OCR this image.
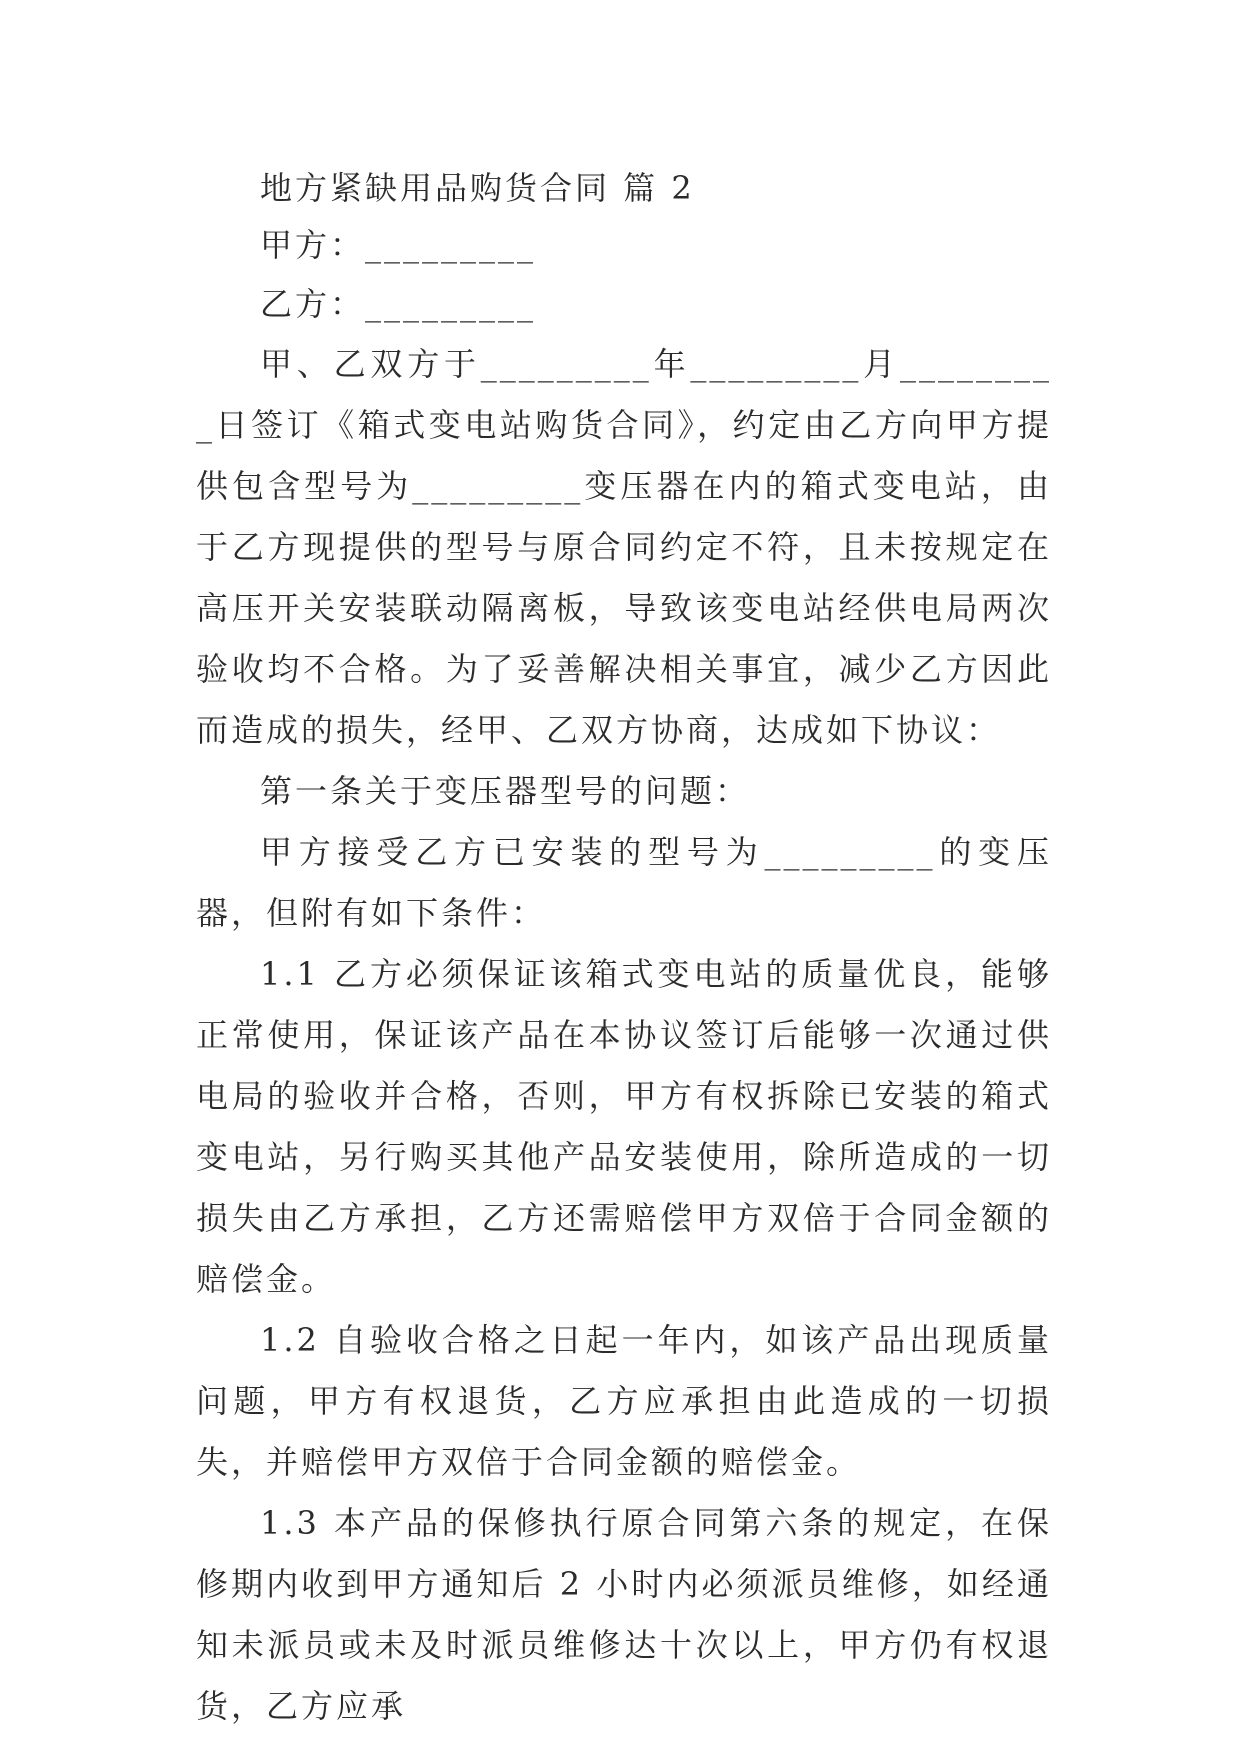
地方紧缺用品购货合同 篇 2

甲方：_________

乙方：_________

甲、乙双方于_________年_________月_________日签订《箱式变电站购货合同》，约定由乙方向甲方提供包含型号为_________变压器在内的箱式变电站，由于乙方现提供的型号与原合同约定不符，且未按规定在高压开关安装联动隔离板，导致该变电站经供电局两次验收均不合格。为了妥善解决相关事宜，减少乙方因此而造成的损失，经甲、乙双方协商，达成如下协议：

第一条关于变压器型号的问题：

甲方接受乙方已安装的型号为_________的变压器，但附有如下条件：

1.1 乙方必须保证该箱式变电站的质量优良，能够正常使用，保证该产品在本协议签订后能够一次通过供电局的验收并合格，否则，甲方有权拆除已安装的箱式变电站，另行购买其他产品安装使用，除所造成的一切损失由乙方承担，乙方还需赔偿甲方双倍于合同金额的赔偿金。

1.2 自验收合格之日起一年内，如该产品出现质量问题，甲方有权退货，乙方应承担由此造成的一切损失，并赔偿甲方双倍于合同金额的赔偿金。

1.3 本产品的保修执行原合同第六条的规定，在保修期内收到甲方通知后 2 小时内必须派员维修，如经通知未派员或未及时派员维修达十次以上，甲方仍有权退货，乙方应承
